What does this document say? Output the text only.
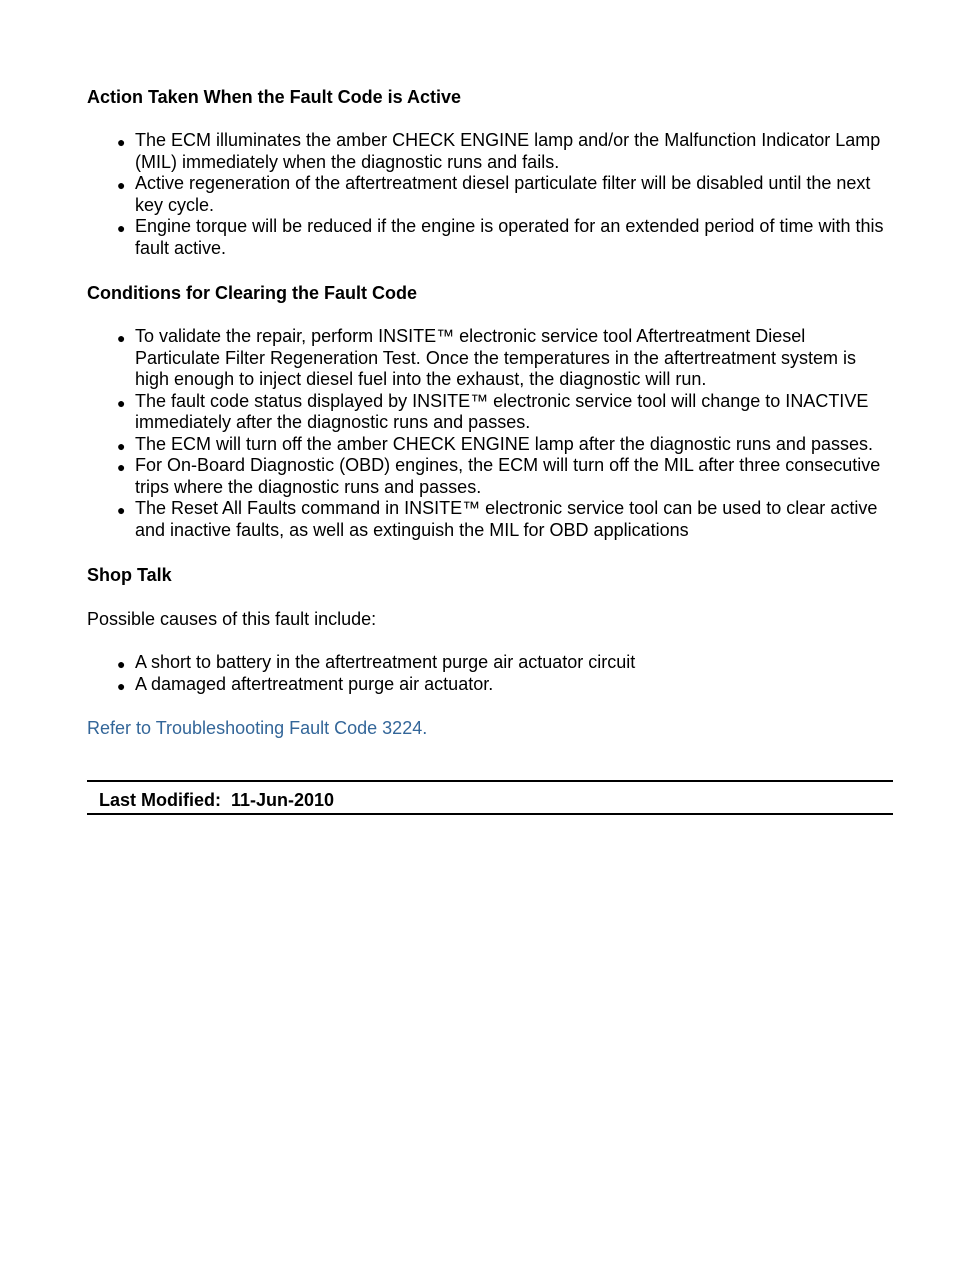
Action Taken When the Fault Code is Active

● The ECM illuminates the amber CHECK ENGINE lamp and/or the Malfunction Indicator Lamp (MIL) immediately when the diagnostic runs and fails.
● Active regeneration of the aftertreatment diesel particulate filter will be disabled until the next key cycle.
● Engine torque will be reduced if the engine is operated for an extended period of time with this fault active.

Conditions for Clearing the Fault Code

● To validate the repair, perform INSITE™ electronic service tool Aftertreatment Diesel Particulate Filter Regeneration Test. Once the temperatures in the aftertreatment system is high enough to inject diesel fuel into the exhaust, the diagnostic will run.
● The fault code status displayed by INSITE™ electronic service tool will change to INACTIVE immediately after the diagnostic runs and passes.
● The ECM will turn off the amber CHECK ENGINE lamp after the diagnostic runs and passes.
● For On-Board Diagnostic (OBD) engines, the ECM will turn off the MIL after three consecutive trips where the diagnostic runs and passes.
● The Reset All Faults command in INSITE™ electronic service tool can be used to clear active and inactive faults, as well as extinguish the MIL for OBD applications

Shop Talk

Possible causes of this fault include:

● A short to battery in the aftertreatment purge air actuator circuit
● A damaged aftertreatment purge air actuator.
Refer to Troubleshooting Fault Code 3224.
Last Modified:  11-Jun-2010
